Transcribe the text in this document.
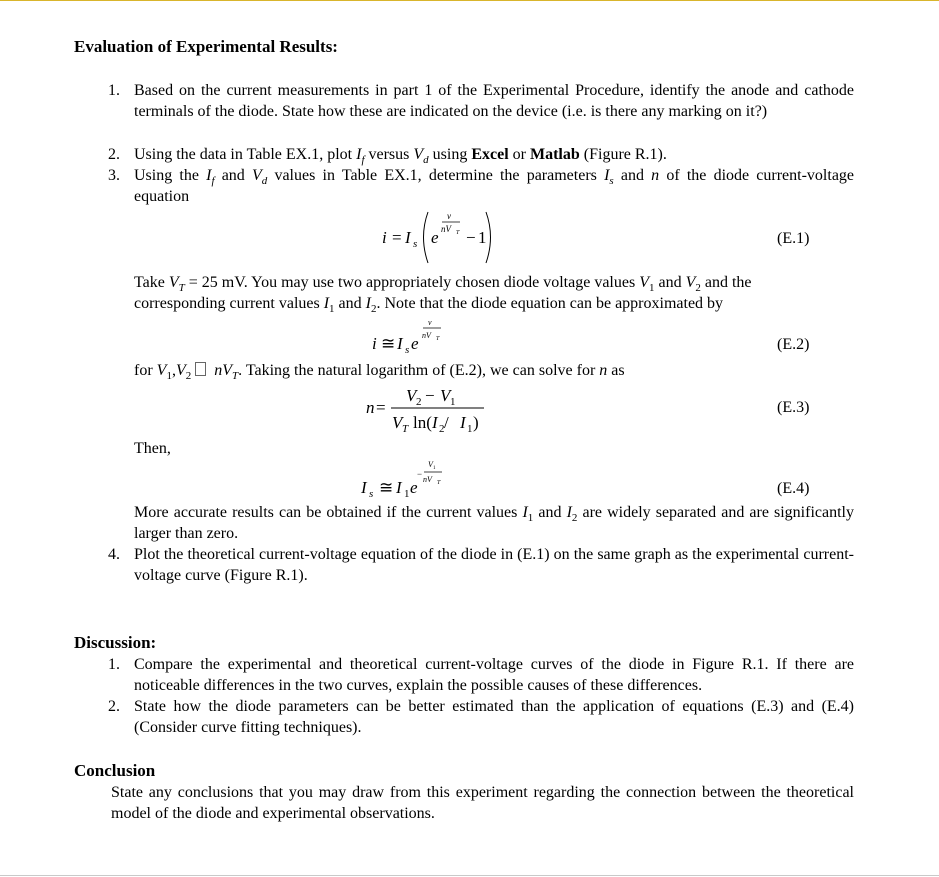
Evaluation of Experimental Results:
1. Based on the current measurements in part 1 of the Experimental Procedure, identify the anode and cathode terminals of the diode. State how these are indicated on the device (i.e. is there any marking on it?)
2. Using the data in Table EX.1, plot $I_f$ versus $V_d$ using Excel or Matlab (Figure R.1).
3. Using the $I_f$ and $V_d$ values in Table EX.1, determine the parameters $I_s$ and n of the diode current-voltage equation
i = I s e
v
nV T − 1
i ≅ I s e
v
nV T
n =
V 2 − V 1
V T ln( I 2 / I 1 )
I s ≅ I 1 e
−
V 1
nV T
(E.1)
(E.2)
(E.3)
(E.4)
Take $V_T = 25$ mV. You may use two appropriately chosen diode voltage values $V_1$ and $V_2$ and the
corresponding current values $I_1$ and $I_2$. Note that the diode equation can be approximated by
for $V_1,V_2$ $nV_T$. Taking the natural logarithm of (E.2), we can solve for n as
Then,
More accurate results can be obtained if the current values $I_1$ and $I_2$ are widely separated and are significantly larger than zero.
4. Plot the theoretical current-voltage equation of the diode in (E.1) on the same graph as the experimental current-voltage curve (Figure R.1).
Discussion:
1. Compare the experimental and theoretical current-voltage curves of the diode in Figure R.1. If there are noticeable differences in the two curves, explain the possible causes of these differences.
2. State how the diode parameters can be better estimated than the application of equations (E.3) and (E.4) (Consider curve fitting techniques).
Conclusion
State any conclusions that you may draw from this experiment regarding the connection between the theoretical model of the diode and experimental observations.
